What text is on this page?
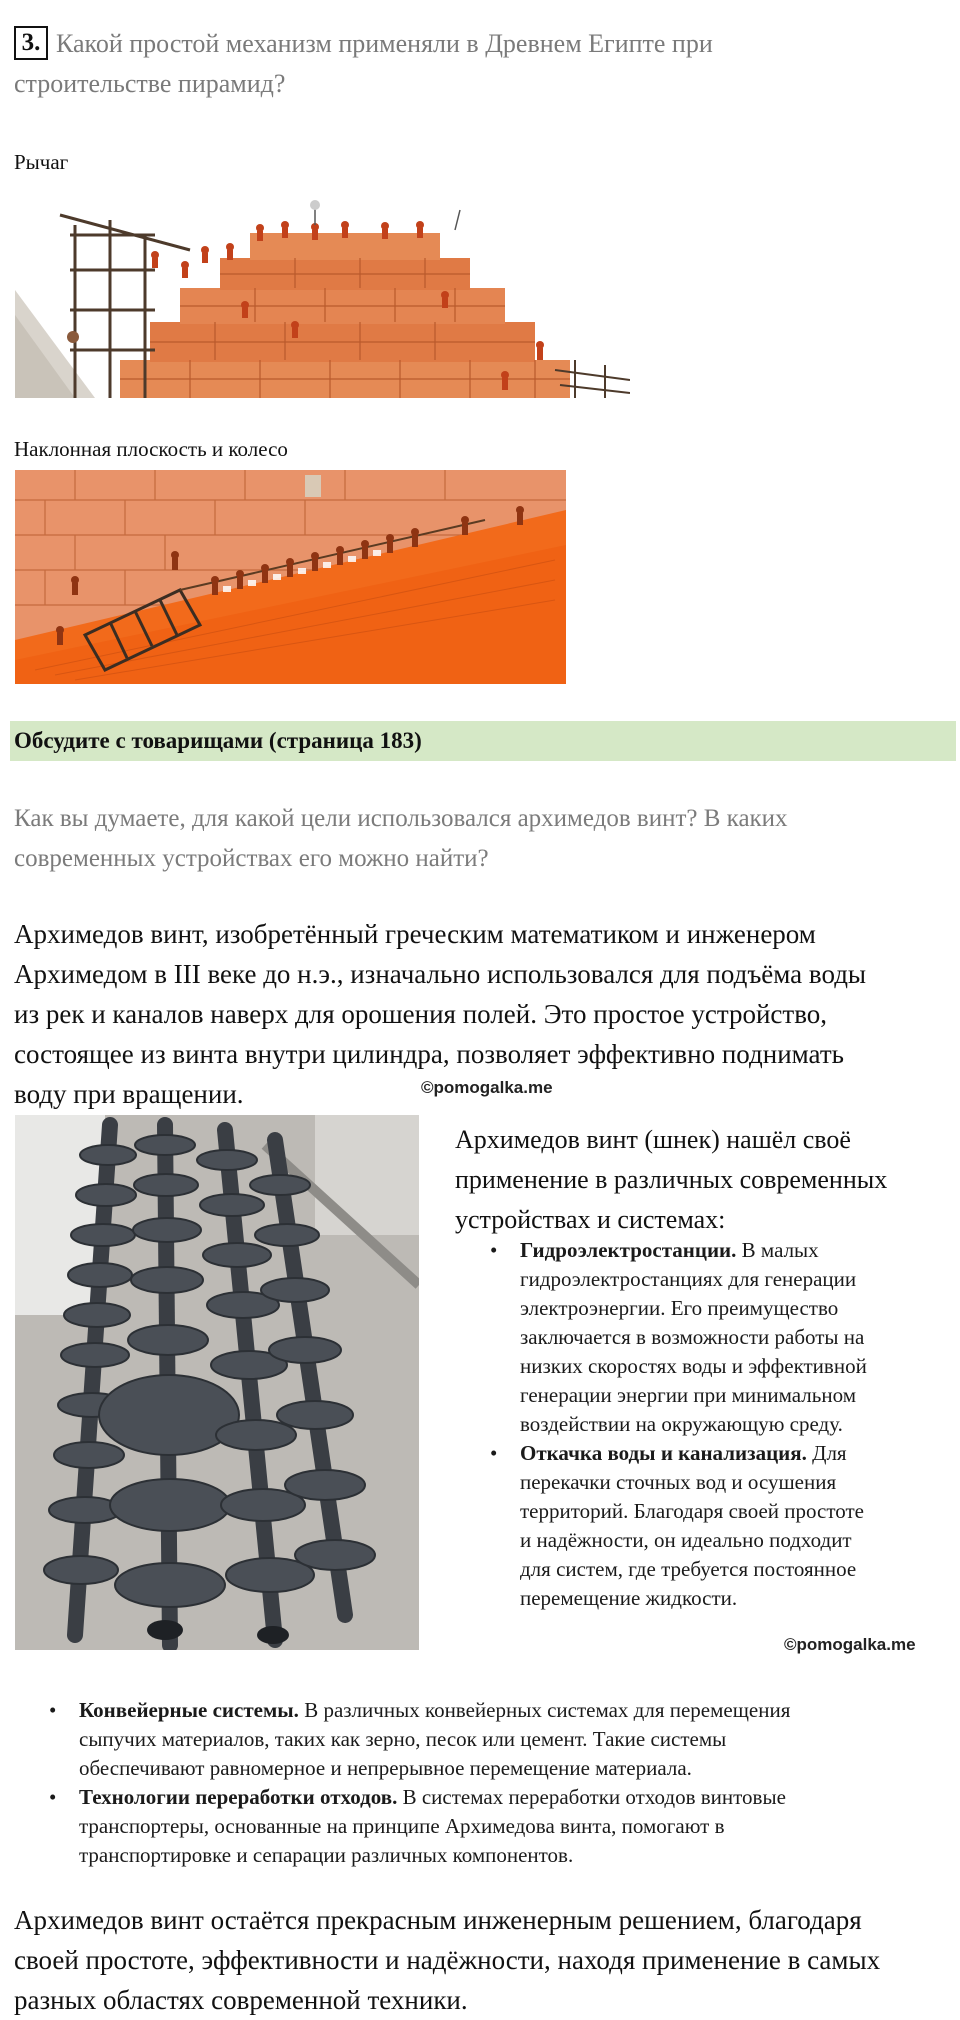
3. Какой простой механизм применяли в Древнем Египте при
строительстве пирамид?
Рычаг
Наклонная плоскость и колесо
Обсудите с товарищами (страница 183)
Как вы думаете, для какой цели использовался архимедов винт? В каких
современных устройствах его можно найти?
Архимедов винт, изобретённый греческим математиком и инженером
Архимедом в III веке до н.э., изначально использовался для подъёма воды
из рек и каналов наверх для орошения полей. Это простое устройство,
состоящее из винта внутри цилиндра, позволяет эффективно поднимать
воду при вращении.	©pomogalka.me
Архимедов винт (шнек) нашёл своё
применение в различных современных
устройствах и системах:
• Гидроэлектростанции. В малых
гидроэлектростанциях для генерации
электроэнергии. Его преимущество
заключается в возможности работы на
низких скоростях воды и эффективной
генерации энергии при минимальном
воздействии на окружающую среду.
• Откачка воды и канализация. Для
перекачки сточных вод и осушения
территорий. Благодаря своей простоте
и надёжности, он идеально подходит
для систем, где требуется постоянное
перемещение жидкости.
©pomogalka.me
• Конвейерные системы. В различных конвейерных системах для перемещения
сыпучих материалов, таких как зерно, песок или цемент. Такие системы
обеспечивают равномерное и непрерывное перемещение материала.
• Технологии переработки отходов. В системах переработки отходов винтовые
транспортеры, основанные на принципе Архимедова винта, помогают в
транспортировке и сепарации различных компонентов.
Архимедов винт остаётся прекрасным инженерным решением, благодаря
своей простоте, эффективности и надёжности, находя применение в самых
разных областях современной техники.
